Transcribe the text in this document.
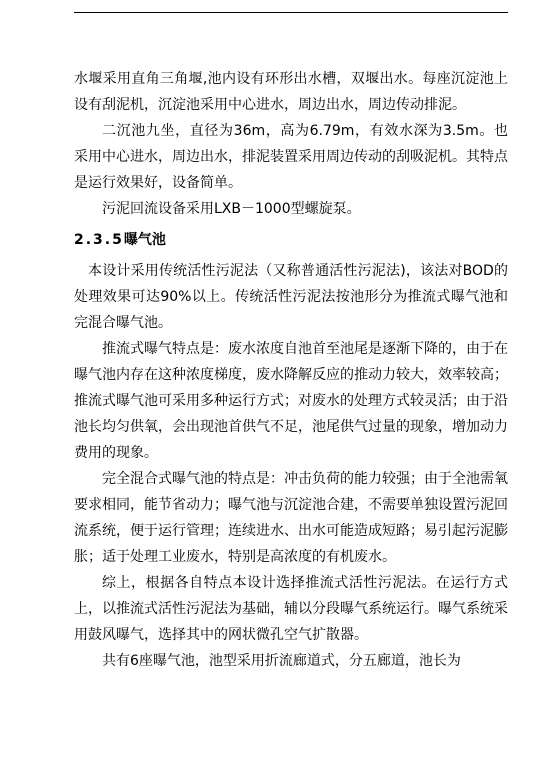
水堰采用直角三角堰,池内设有环形出水槽，双堰出水。每座沉淀池上设有刮泥机，沉淀池采用中心进水，周边出水，周边传动排泥。

二沉池九坐，直径为36m，高为6.79m，有效水深为3.5m。也采用中心进水，周边出水，排泥装置采用周边传动的刮吸泥机。其特点是运行效果好，设备简单。

污泥回流设备采用LXB－1000型螺旋泵。

2.3.5曝气池

本设计采用传统活性污泥法（又称普通活性污泥法)，该法对BOD的处理效果可达90%以上。传统活性污泥法按池形分为推流式曝气池和完混合曝气池。

推流式曝气特点是：废水浓度自池首至池尾是逐渐下降的，由于在曝气池内存在这种浓度梯度，废水降解反应的推动力较大，效率较高；推流式曝气池可采用多种运行方式；对废水的处理方式较灵活；由于沿池长均匀供氧，会出现池首供气不足，池尾供气过量的现象，增加动力费用的现象。

完全混合式曝气池的特点是：冲击负荷的能力较强；由于全池需氧要求相同，能节省动力；曝气池与沉淀池合建，不需要单独设置污泥回流系统，便于运行管理；连续进水、出水可能造成短路；易引起污泥膨胀；适于处理工业废水，特别是高浓度的有机废水。

综上，根据各自特点本设计选择推流式活性污泥法。在运行方式上，以推流式活性污泥法为基础，辅以分段曝气系统运行。曝气系统采用鼓风曝气，选择其中的网状微孔空气扩散器。

共有6座曝气池，池型采用折流廊道式，分五廊道，池长为
